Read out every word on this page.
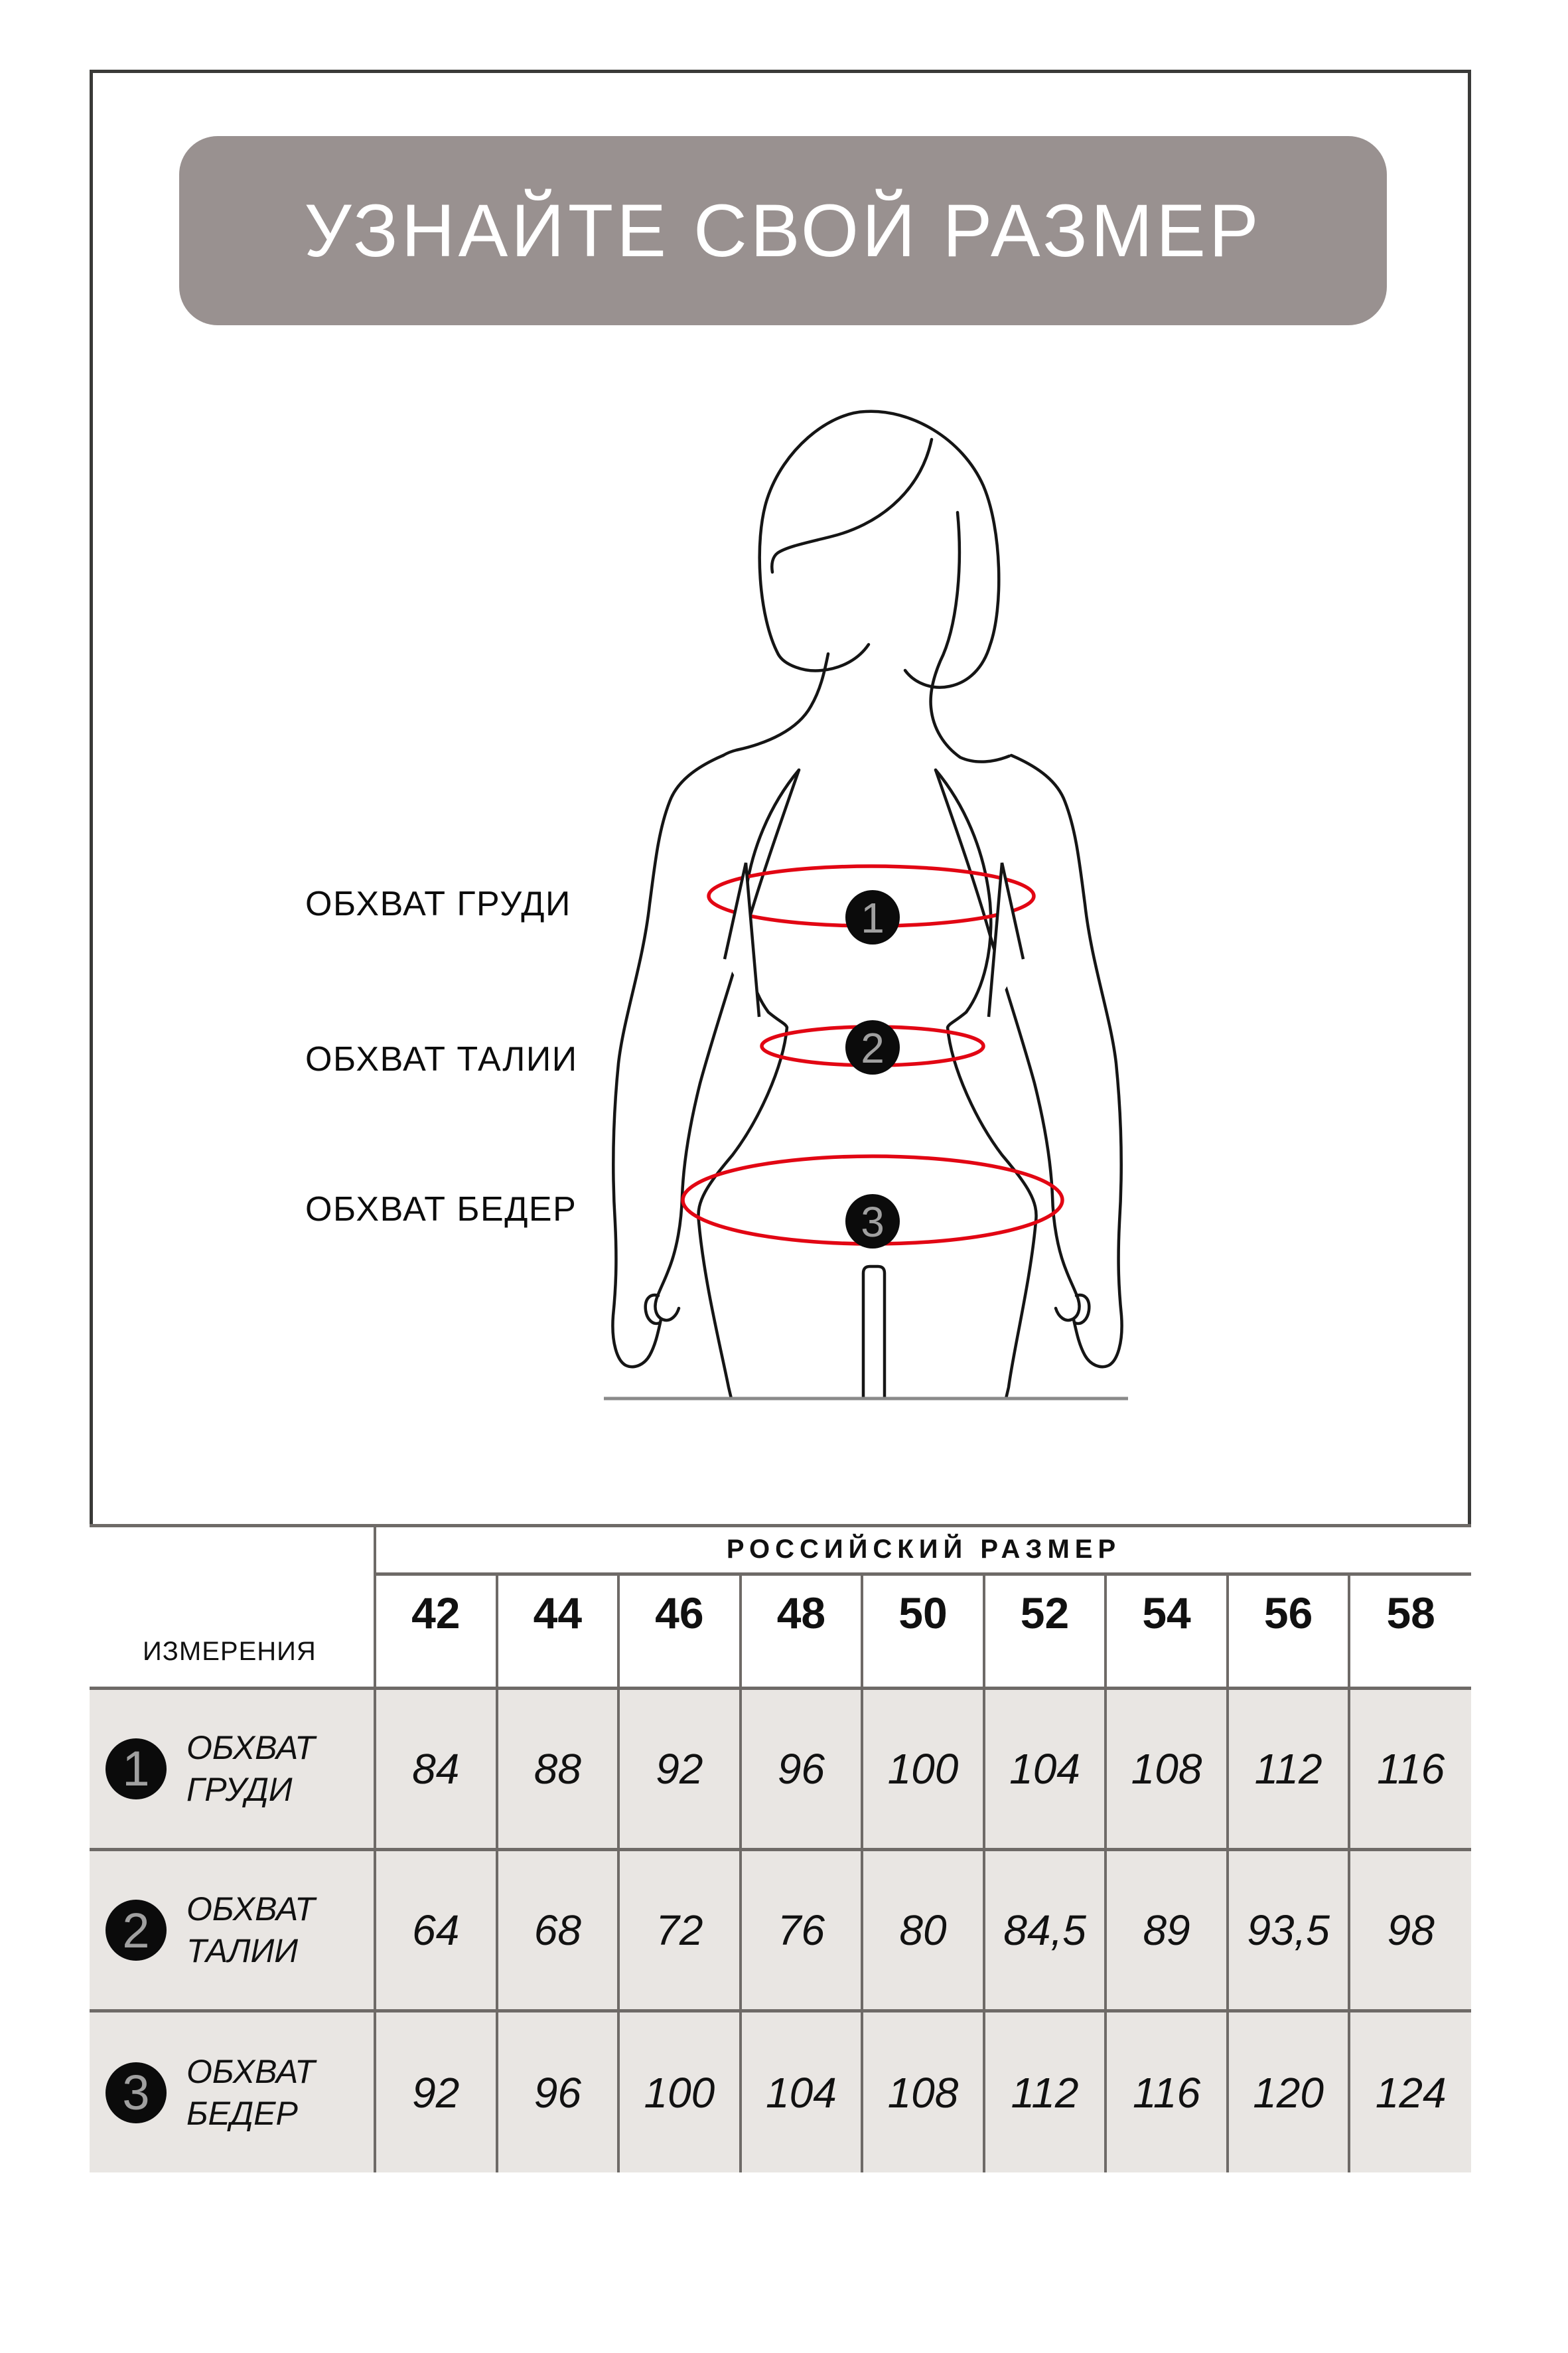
УЗНАЙТЕ СВОЙ РАЗМЕР
ОБХВАТ ГРУДИ
ОБХВАТ ТАЛИИ
ОБХВАТ БЕДЕР
1
2
3
ИЗМЕРЕНИЯ	РОССИЙСКИЙ РАЗМЕР								
	42	44	46	48	50	52	54	56	58

1 ОБХВАТ
ГРУДИ	84	88	92	96	100	104	108	112	116

2 ОБХВАТ
ТАЛИИ	64	68	72	76	80	84,5	89	93,5	98

3 ОБХВАТ
БЕДЕР	92	96	100	104	108	112	116	120	124
